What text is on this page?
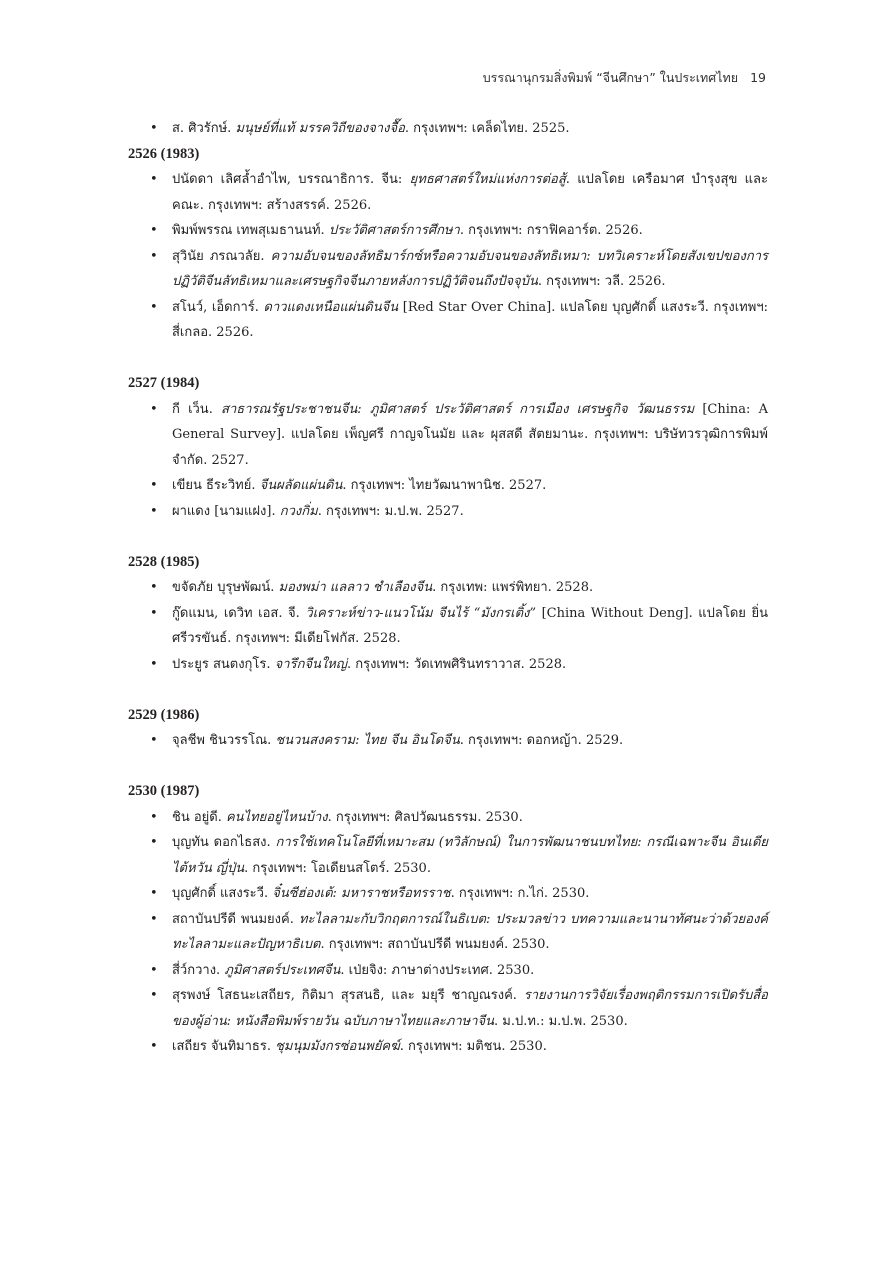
บรรณานุกรมสิ่งพิมพ์ “จีนศึกษา” ในประเทศไทย 19
• ส. ศิวรักษ์. มนุษย์ที่แท้ มรรควิถีของจางจื๊อ. กรุงเทพฯ: เคล็ดไทย. 2525.
2526 (1983)
• ปนัดดา เลิศล้ำอำไพ, บรรณาธิการ. จีน: ยุทธศาสตร์ใหม่แห่งการต่อสู้. แปลโดย เครือมาศ บำรุงสุข และคณะ. กรุงเทพฯ: สร้างสรรค์. 2526.
• พิมพ์พรรณ เทพสุเมธานนท์. ประวัติศาสตร์การศึกษา. กรุงเทพฯ: กราฟิคอาร์ต. 2526.
• สุวินัย ภรณวลัย. ความอับจนของลัทธิมาร์กซ์หรือความอับจนของลัทธิเหมา: บทวิเคราะห์โดยสังเขปของการปฏิวัติจีนลัทธิเหมาและเศรษฐกิจจีนภายหลังการปฏิวัติจนถึงปัจจุบัน. กรุงเทพฯ: วลี. 2526.
• สโนว์, เอ็ดการ์. ดาวแดงเหนือแผ่นดินจีน [Red Star Over China]. แปลโดย บุญศักดิ์ แสงระวี. กรุงเทพฯ: สี่เกลอ. 2526.
2527 (1984)
• กี เว็น. สาธารณรัฐประชาชนจีน: ภูมิศาสตร์ ประวัติศาสตร์ การเมือง เศรษฐกิจ วัฒนธรรม [China: A General Survey]. แปลโดย เพ็ญศรี กาญจโนมัย และ ผุสสดี สัตยมานะ. กรุงเทพฯ: บริษัทวรวุฒิการพิมพ์ จำกัด. 2527.
• เขียน ธีระวิทย์. จีนผลัดแผ่นดิน. กรุงเทพฯ: ไทยวัฒนาพานิช. 2527.
• ผาแดง [นามแฝง]. กวงกิ่ม. กรุงเทพฯ: ม.ป.พ. 2527.
2528 (1985)
• ขจัดภัย บุรุษพัฒน์. มองพม่า แลลาว ชำเลืองจีน. กรุงเทพ: แพร่พิทยา. 2528.
• กู๊ดแมน, เดวิท เอส. จี. วิเคราะห์ข่าว-แนวโน้ม จีนไร้ “มังกรเติ้ง” [China Without Deng]. แปลโดย ยิ่น ศรีวรขันธ์. กรุงเทพฯ: มีเดียโฟกัส. 2528.
• ประยูร สนตงกุโร. จารึกจีนใหญ่. กรุงเทพฯ: วัดเทพศิรินทราวาส. 2528.
2529 (1986)
• จุลชีพ ชินวรรโณ. ชนวนสงคราม: ไทย จีน อินโดจีน. กรุงเทพฯ: ดอกหญ้า. 2529.
2530 (1987)
• ชิน อยู่ดี. คนไทยอยู่ไหนบ้าง. กรุงเทพฯ: ศิลปวัฒนธรรม. 2530.
• บุญทัน ดอกไธสง. การใช้เทคโนโลยีที่เหมาะสม (ทวิลักษณ์) ในการพัฒนาชนบทไทย: กรณีเฉพาะจีน อินเดีย ไต้หวัน ญี่ปุ่น. กรุงเทพฯ: โอเดียนสโตร์. 2530.
• บุญศักดิ์ แสงระวี. จิ๋นซีฮ่องเต้: มหาราชหรือทรราช. กรุงเทพฯ: ก.ไก่. 2530.
• สถาบันปรีดี พนมยงค์. ทะไลลามะกับวิกฤตการณ์ในธิเบต: ประมวลข่าว บทความและนานาทัศนะว่าด้วยองค์ทะไลลามะและปัญหาธิเบต. กรุงเทพฯ: สถาบันปรีดี พนมยงค์. 2530.
• สี่ว์กวาง. ภูมิศาสตร์ประเทศจีน. เป่ยจิง: ภาษาต่างประเทศ. 2530.
• สุรพงษ์ โสธนะเสถียร, กิติมา สุรสนธิ, และ มยุรี ชาญณรงค์. รายงานการวิจัยเรื่องพฤติกรรมการเปิดรับสื่อของผู้อ่าน: หนังสือพิมพ์รายวัน ฉบับภาษาไทยและภาษาจีน. ม.ป.ท.: ม.ป.พ. 2530.
• เสถียร จันทิมาธร. ชุมนุมมังกรซ่อนพยัคฆ์. กรุงเทพฯ: มติชน. 2530.
